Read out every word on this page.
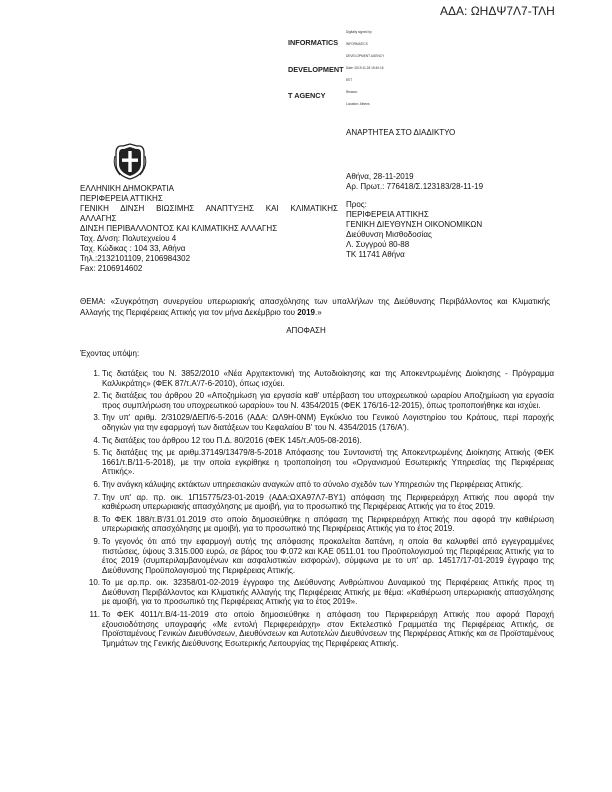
ΑΔΑ: ΩΗΔΨ7Λ7-ΤΛΗ

INFORMATICS

DEVELOPMENT

T AGENCY

Digitally signed by

INFORMATICS

DEVELOPMENT AGENCY

Date: 2019.11.28 15:40:16

EET

Reason:

Location: Athens

ΑΝΑΡΤΗΤΕΑ ΣΤΟ ΔΙΑΔΙΚΤΥΟ
ΕΛΛΗΝΙΚΗ ΔΗΜΟΚΡΑΤΙΑ
ΠΕΡΙΦΕΡΕΙΑ ΑΤΤΙΚΗΣ
ΓΕΝΙΚΗ ΔΙΝΣΗ ΒΙΩΣΙΜΗΣ ΑΝΑΠΤΥΞΗΣ ΚΑΙ ΚΛΙΜΑΤΙΚΗΣ
ΑΛΛΑΓΗΣ
ΔΙΝΣΗ ΠΕΡΙΒΑΛΛΟΝΤΟΣ ΚΑΙ ΚΛΙΜΑΤΙΚΗΣ ΑΛΛΑΓΗΣ
Ταχ. Δ/νση: Πολυτεχνείου 4
Ταχ. Κώδικας : 104 33, Αθήνα
Τηλ.:2132101109, 2106984302
Fax: 2106914602
Αθήνα, 28-11-2019
Αρ. Πρωτ.: 776418/Σ.123183/28-11-19
Προς:
ΠΕΡΙΦΕΡΕΙΑ ΑΤΤΙΚΗΣ
ΓΕΝΙΚΗ ΔΙΕΥΘΥΝΣΗ ΟΙΚΟΝΟΜΙΚΩΝ
Διεύθυνση Μισθοδοσίας
Λ. Συγγρού 80-88
ΤΚ 11741 Αθήνα
ΘΕΜΑ: «Συγκρότηση συνεργείου υπερωριακής απασχόλησης των υπαλλήλων της Διεύθυνσης Περιβάλλοντος και Κλιματικής Αλλαγής της Περιφέρειας Αττικής για τον μήνα Δεκέμβριο του 2019.»
ΑΠΟΦΑΣΗ
Έχοντας υπόψη:
1. Τις διατάξεις του Ν. 3852/2010 «Νέα Αρχιτεκτονική της Αυτοδιοίκησης και της Αποκεντρωμένης Διοίκησης - Πρόγραμμα Καλλικράτης» (ΦΕΚ 87/τ.Α'/7-6-2010), όπως ισχύει.
2. Τις διατάξεις του άρθρου 20 «Αποζημίωση για εργασία καθ' υπέρβαση του υποχρεωτικού ωραρίου Αποζημίωση για εργασία προς συμπλήρωση του υποχρεωτικού ωραρίου» του Ν. 4354/2015 (ΦΕΚ 176/16-12-2015), όπως τροποποιήθηκε και ισχύει.
3. Την υπ' αριθμ. 2/31029/ΔΕΠ/6-5-2016 (ΑΔΑ: ΩΛ9Η-0ΝΜ) Εγκύκλιο του Γενικού Λογιστηρίου του Κράτους, περί παροχής οδηγιών για την εφαρμογή των διατάξεων του Κεφαλαίου Β' του Ν. 4354/2015 (176/Α').
4. Τις διατάξεις του άρθρου 12 του Π.Δ. 80/2016 (ΦΕΚ 145/τ.Α/05-08-2016).
5. Τις διατάξεις της με αριθμ.37149/13479/8-5-2018 Απόφασης του Συντονιστή της Αποκεντρωμένης Διοίκησης Αττικής (ΦΕΚ 1661/τ.Β/11-5-2018), με την οποία εγκρίθηκε η τροποποίηση του «Οργανισμού Εσωτερικής Υπηρεσίας της Περιφέρειας Αττικής».
6. Την ανάγκη κάλυψης εκτάκτων υπηρεσιακών αναγκών από το σύνολο σχεδόν των Υπηρεσιών της Περιφέρειας Αττικής.
7. Την υπ' αρ. πρ. οικ. 1Π15775/23-01-2019 (ΑΔΑ:ΩΧΑ97Λ7-ΒΥ1) απόφαση της Περιφερειάρχη Αττικής που αφορά την καθιέρωση υπερωριακής απασχόλησης με αμοιβή, για το προσωπικό της Περιφέρειας Αττικής για το έτος 2019.
8. Το ΦΕΚ 188/τ.Β'/31.01.2019 στο οποίο δημοσιεύθηκε η απόφαση της Περιφερειάρχη Αττικής που αφορά την καθιέρωση υπερωριακής απασχόλησης με αμοιβή, για το προσωπικό της Περιφέρειας Αττικής για το έτος 2019.
9. Το γεγονός ότι από την εφαρμογή αυτής της απόφασης προκαλείται δαπάνη, η οποία θα καλυφθεί από εγγεγραμμένες πιστώσεις, ύψους 3.315.000 ευρώ, σε βάρος του Φ.072 και ΚΑΕ 0511.01 του Προϋπολογισμού της Περιφέρειας Αττικής για το έτος 2019 (συμπεριλαμβανομένων και ασφαλιστικών εισφορών), σύμφωνα με το υπ' αρ. 14517/17-01-2019 έγγραφο της Διεύθυνσης Προϋπολογισμού της Περιφέρειας Αττικής.
10. Το με αρ.πρ. οικ. 32358/01-02-2019 έγγραφο της Διεύθυνσης Ανθρώπινου Δυναμικού της Περιφέρειας Αττικής προς τη Διεύθυνση Περιβάλλοντος και Κλιματικής Αλλαγής της Περιφέρειας Αττικής με θέμα: «Καθιέρωση υπερωριακής απασχόλησης με αμοιβή, για το προσωπικό της Περιφέρειας Αττικής για το έτος 2019».
11. Το ΦΕΚ 4011/τ.Β/4-11-2019 στο οποίο δημοσιεύθηκε η απόφαση του Περιφερειάρχη Αττικής που αφορά Παροχή εξουσιοδότησης υπογραφής «Με εντολή Περιφερειάρχη» στον Εκτελεστικό Γραμματέα της Περιφέρειας Αττικής, σε Προϊσταμένους Γενικών Διευθύνσεων, Διευθύνσεων και Αυτοτελών Διευθύνσεων της Περιφέρειας Αττικής και σε Προϊσταμένους Τμημάτων της Γενικής Διεύθυνσης Εσωτερικής Λειτουργίας της Περιφέρειας Αττικής.
